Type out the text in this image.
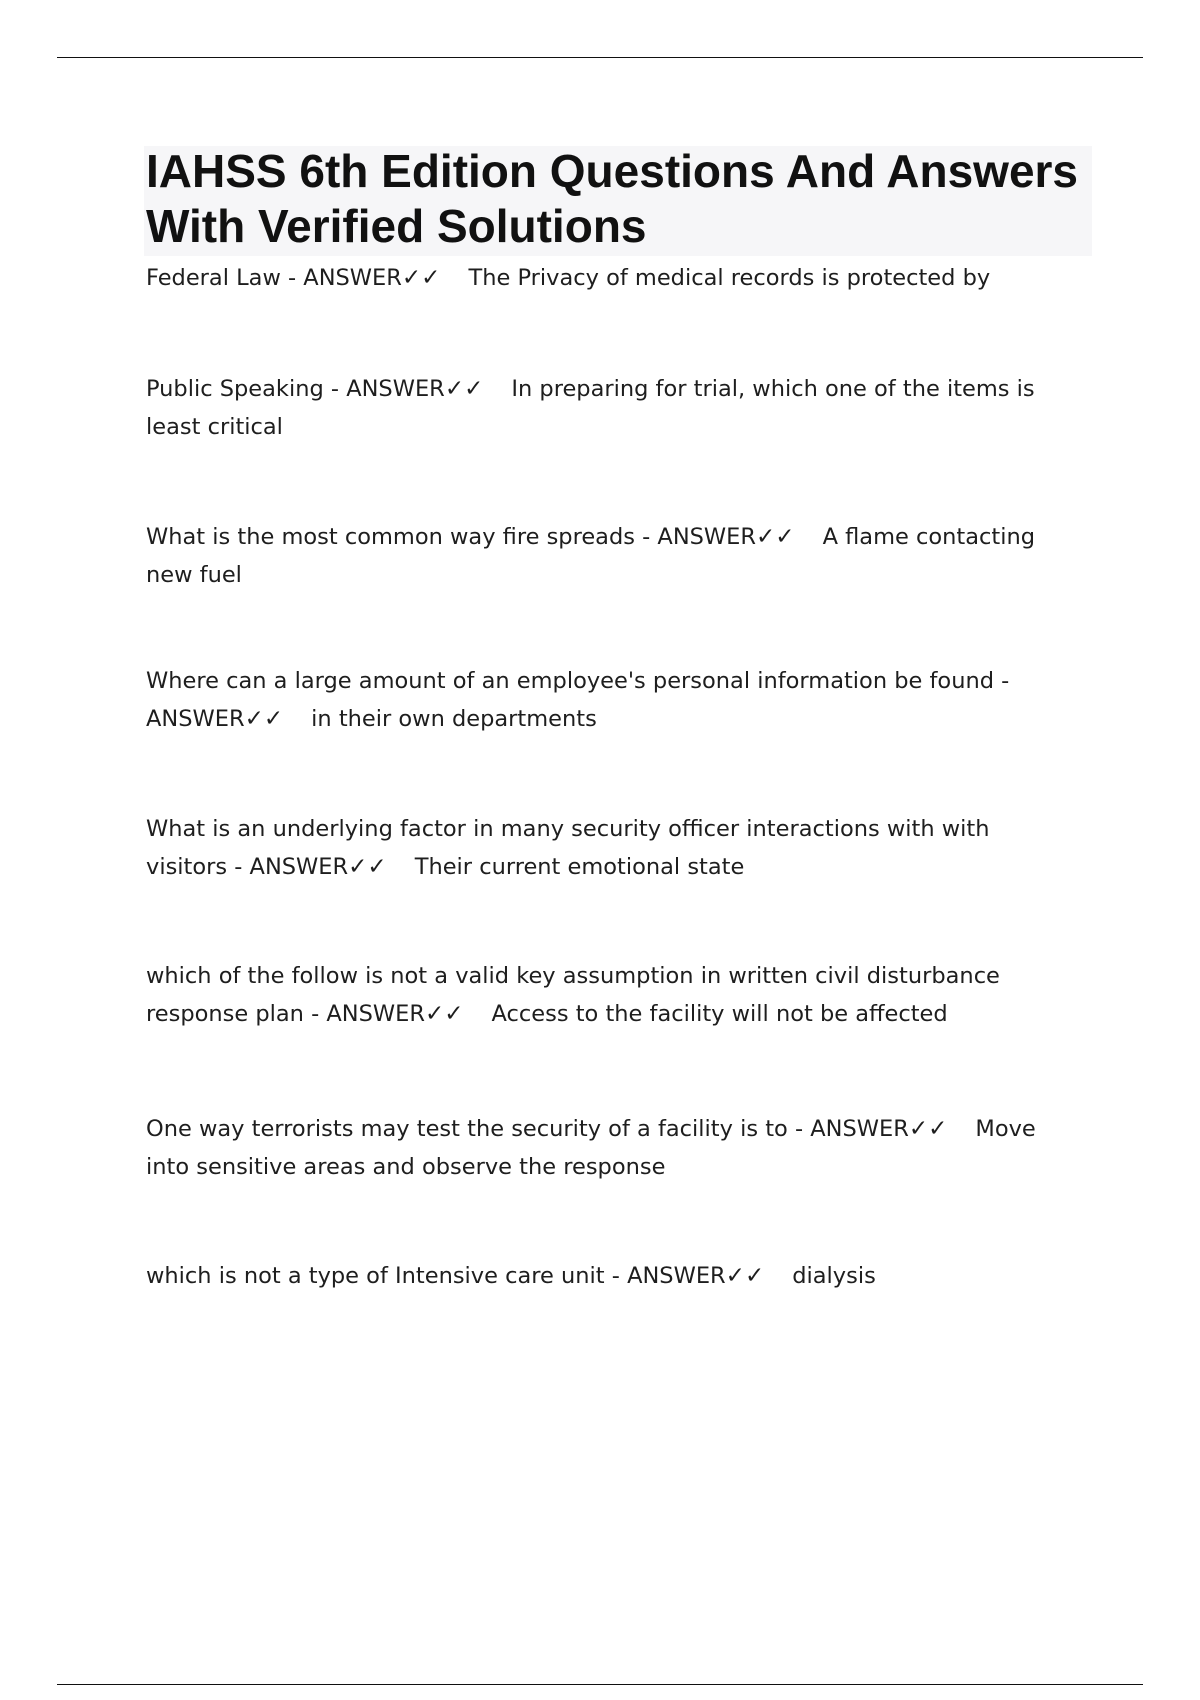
IAHSS 6th Edition Questions And Answers With Verified Solutions

Federal Law - ANSWER✓✓ The Privacy of medical records is protected by

Public Speaking - ANSWER✓✓ In preparing for trial, which one of the items is least critical

What is the most common way fire spreads - ANSWER✓✓ A flame contacting new fuel

Where can a large amount of an employee's personal information be found - ANSWER✓✓ in their own departments

What is an underlying factor in many security officer interactions with with visitors - ANSWER✓✓ Their current emotional state

which of the follow is not a valid key assumption in written civil disturbance response plan - ANSWER✓✓ Access to the facility will not be affected

One way terrorists may test the security of a facility is to - ANSWER✓✓ Move into sensitive areas and observe the response

which is not a type of Intensive care unit - ANSWER✓✓ dialysis
